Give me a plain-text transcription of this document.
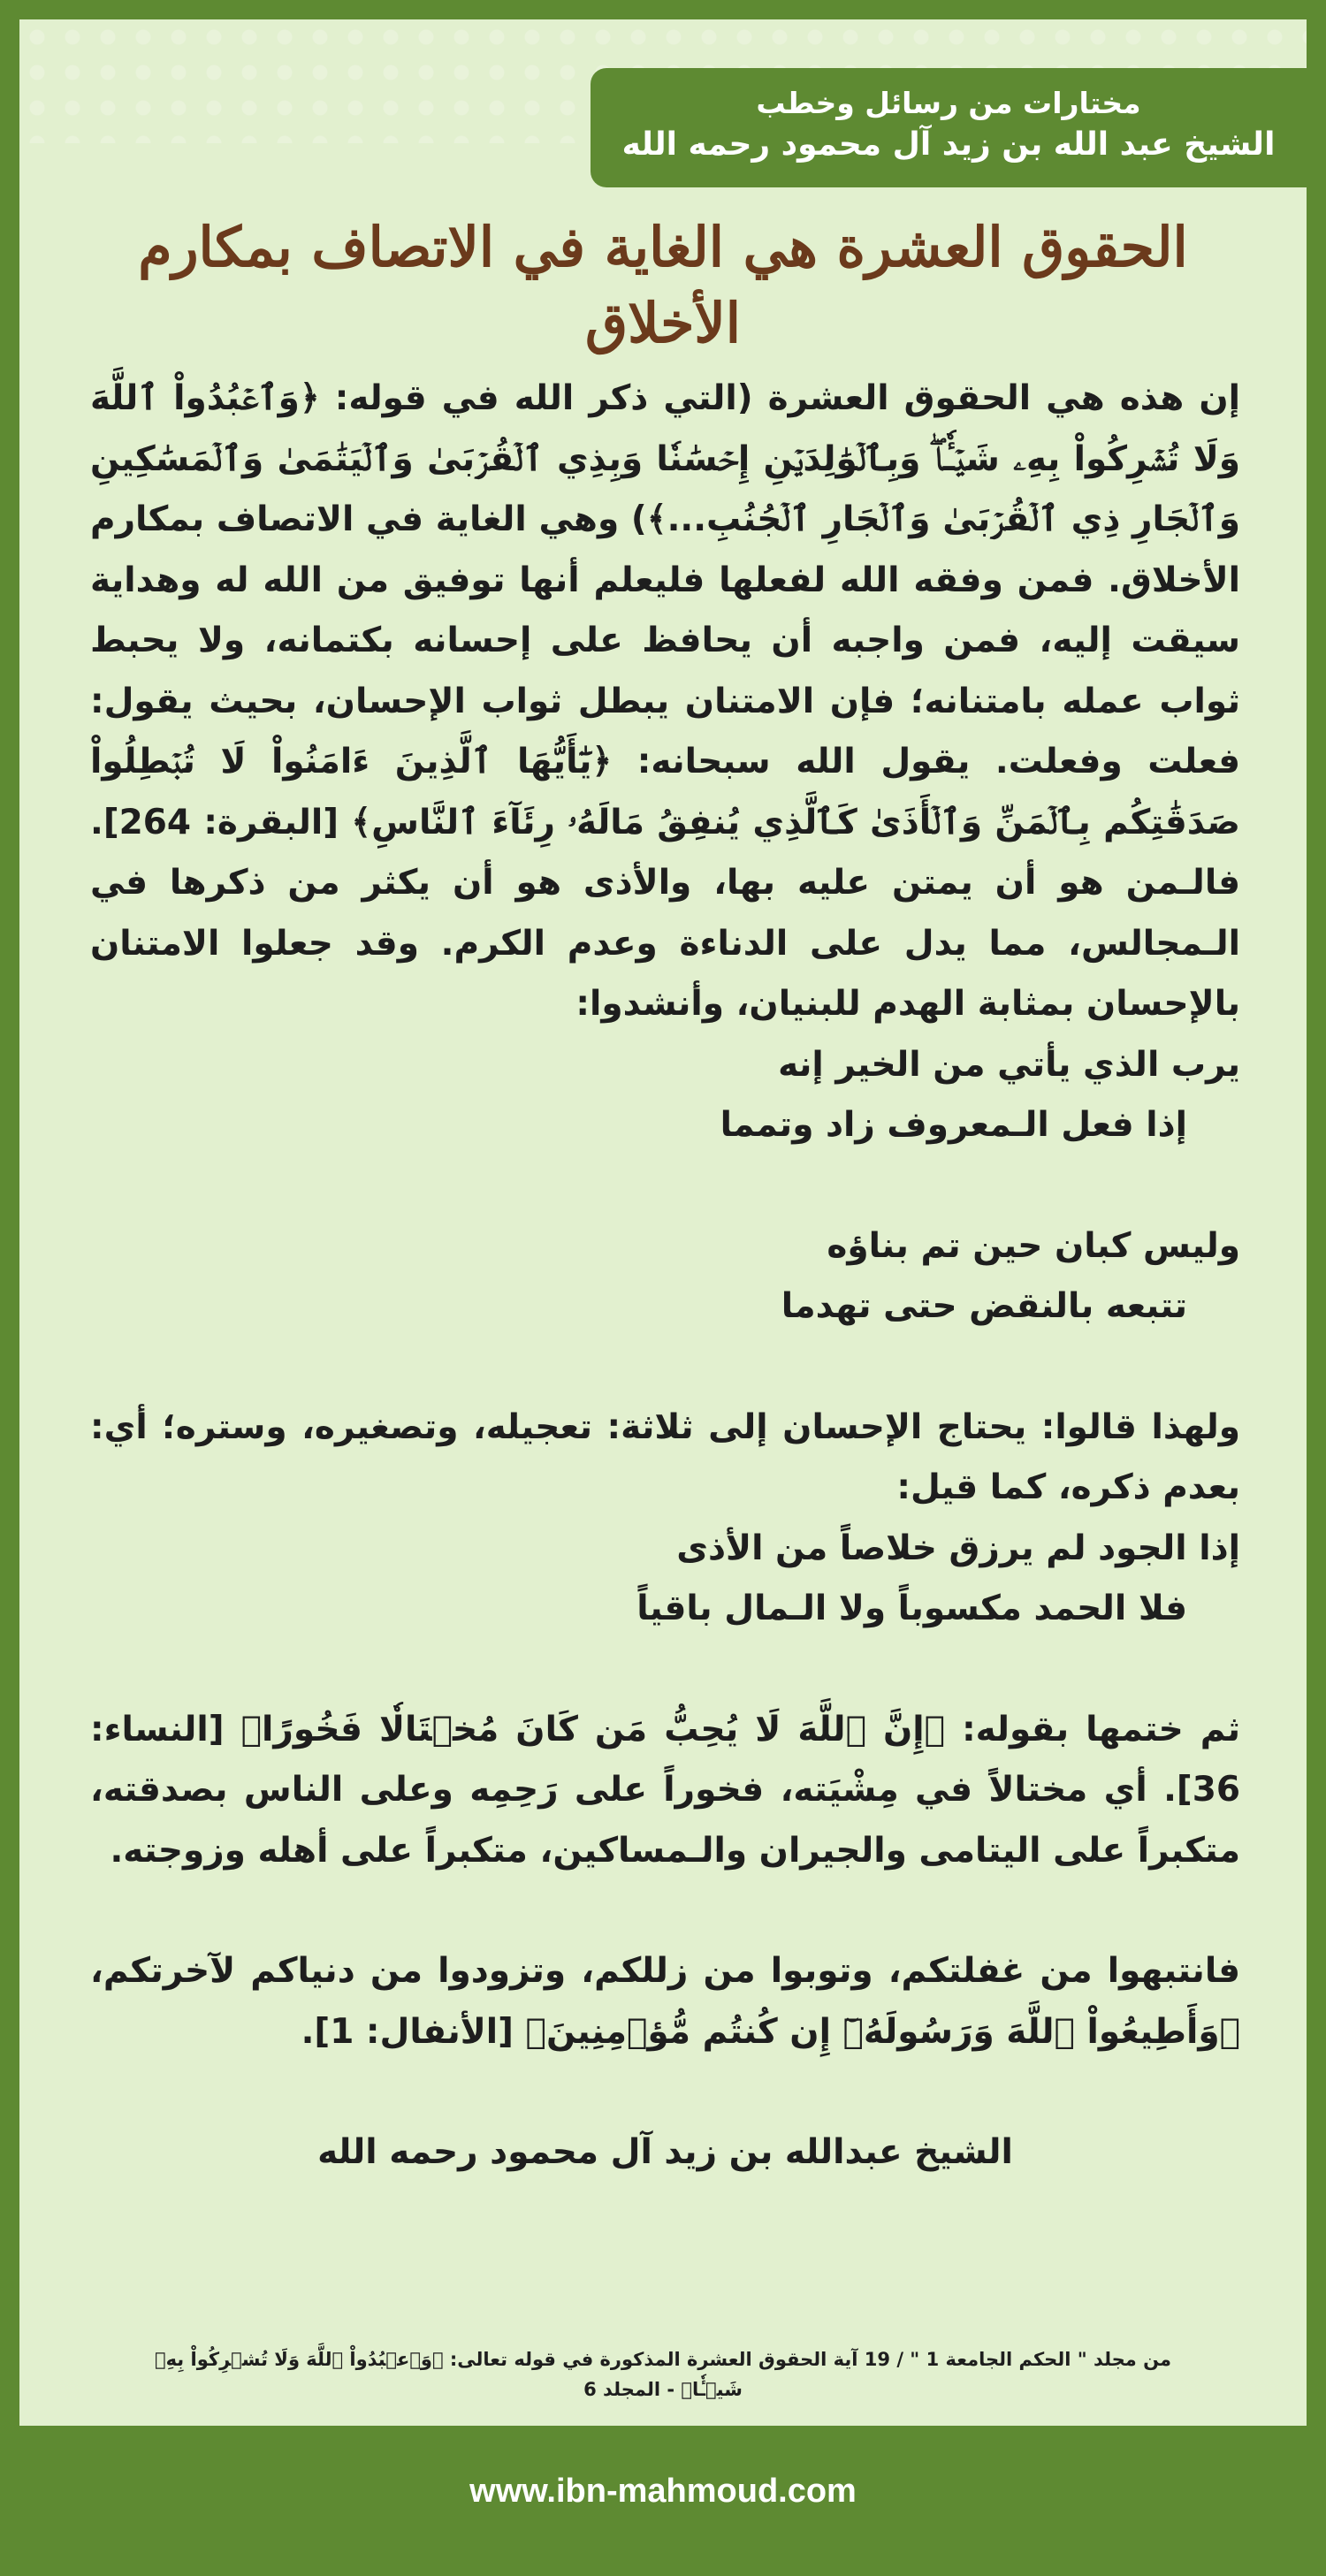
مختارات من رسائل وخطب
الشيخ عبد الله بن زيد آل محمود رحمه الله
الحقوق العشرة هي الغاية في الاتصاف بمكارم الأخلاق

إن هذه هي الحقوق العشرة (التي ذكر الله في قوله: ﴿وَٱعۡبُدُواْ ٱللَّهَ وَلَا تُشۡرِكُواْ بِهِۦ شَيۡـٔٗاۖ وَبِٱلۡوَٰلِدَيۡنِ إِحۡسَٰنٗا وَبِذِي ٱلۡقُرۡبَىٰ وَٱلۡيَتَٰمَىٰ وَٱلۡمَسَٰكِينِ وَٱلۡجَارِ ذِي ٱلۡقُرۡبَىٰ وَٱلۡجَارِ ٱلۡجُنُبِ...﴾) وهي الغاية في الاتصاف بمكارم الأخلاق. فمن وفقه الله لفعلها فليعلم أنها توفيق من الله له وهداية سيقت إليه، فمن واجبه أن يحافظ على إحسانه بكتمانه، ولا يحبط ثواب عمله بامتنانه؛ فإن الامتنان يبطل ثواب الإحسان، بحيث يقول: فعلت وفعلت. يقول الله سبحانه: ﴿يَٰٓأَيُّهَا ٱلَّذِينَ ءَامَنُواْ لَا تُبۡطِلُواْ صَدَقَٰتِكُم بِٱلۡمَنِّ وَٱلۡأَذَىٰ كَٱلَّذِي يُنفِقُ مَالَهُۥ رِئَآءَ ٱلنَّاسِ﴾ [البقرة: 264]. فالـمن هو أن يمتن عليه بها، والأذى هو أن يكثر من ذكرها في الـمجالس، مما يدل على الدناءة وعدم الكرم. وقد جعلوا الامتنان بالإحسان بمثابة الهدم للبنيان، وأنشدوا:

يرب الذي يأتي من الخير إنه
إذا فعل الـمعروف زاد وتمما
وليس كبان حين تم بناؤه
تتبعه بالنقض حتى تهدما

ولهذا قالوا: يحتاج الإحسان إلى ثلاثة: تعجيله، وتصغيره، وستره؛ أي: بعدم ذكره، كما قيل:

إذا الجود لم يرزق خلاصاً من الأذى
فلا الحمد مكسوباً ولا الـمال باقياً

ثم ختمها بقوله: ﴿إِنَّ ٱللَّهَ لَا يُحِبُّ مَن كَانَ مُخۡتَالٗا فَخُورًا﴾ [النساء: 36]. أي مختالاً في مِشْيَته، فخوراً على رَحِمِه وعلى الناس بصدقته، متكبراً على اليتامى والجيران والـمساكين، متكبراً على أهله وزوجته.

فانتبهوا من غفلتكم، وتوبوا من زللكم، وتزودوا من دنياكم لآخرتكم، ﴿وَأَطِيعُواْ ٱللَّهَ وَرَسُولَهُۥٓ إِن كُنتُم مُّؤۡمِنِينَ﴾ [الأنفال: 1].

الشيخ عبدالله بن زيد آل محمود رحمه الله
من مجلد " الحكم الجامعة 1 " / 19 آية الحقوق العشرة المذكورة في قوله تعالى: ﴿وَٱعۡبُدُواْ ٱللَّهَ وَلَا تُشۡرِكُواْ بِهِۦ شَيۡـٔٗا﴾ - المجلد 6
www.ibn-mahmoud.com
